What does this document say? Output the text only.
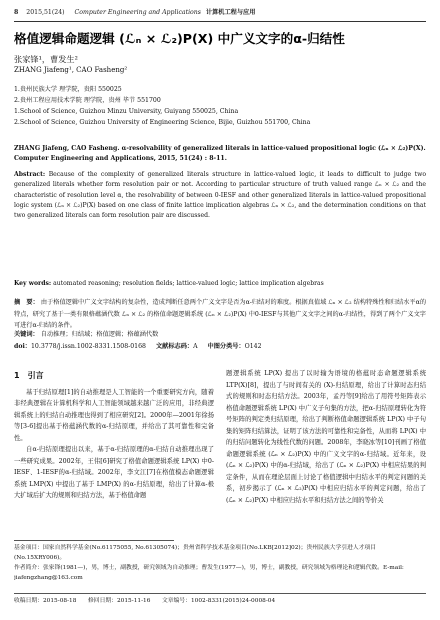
8 2015,51(24) Computer Engineering and Applications 计算机工程与应用
格值逻辑命题逻辑 (ℒₙ × ℒ₂)P(X) 中广义文字的α-归结性
张家锋¹，曹发生²
ZHANG Jiafeng¹, CAO Fasheng²
1.贵州民族大学 理学院，贵阳 550025
2.贵州工程应用技术学院 理学院，贵州 毕节 551700
1.School of Science, Guizhou Minzu University, Guiyang 550025, China
2.School of Science, Guizhou University of Engineering Science, Bijie, Guizhou 551700, China
ZHANG Jiafeng, CAO Fasheng. α-resolvability of generalized literals in lattice-valued propositional logic (ℒₙ × ℒ₂)P(X). Computer Engineering and Applications, 2015, 51(24) : 8-11.
Abstract: Because of the complexity of generalized literals structure in lattice-valued logic, it leads to difficult to judge two generalized literals whether form resolution pair or not. According to particular structure of truth valued range ℒₙ × ℒ₂ and the characteristic of resolution level α, the resolvability of between 0-IESF and other generalized literals in lattice-valued propositional logic system (ℒₙ × ℒ₂)P(X) based on one class of finite lattice implication algebras ℒₙ × ℒ₂, and the determination conditions on that two generalized literals can form resolution pair are discussed.
Key words: automated reasoning; resolution fields; lattice-valued logic; lattice implication algebras
摘　要： 由于格值逻辑中广义文字结构的复杂性，造成判断任意两个广义文字是否为α-归结对的难度。根据真值域 ℒₙ × ℒ₂ 结构特殊性和归结水平α的特点，研究了基于一类有限格蕴涵代数 ℒₙ × ℒ₂ 的格值命题逻辑系统 (ℒₙ × ℒ₂)P(X) 中0-IESF与其他广义文字之间的α-归结性，得到了两个广义文字可进行α-归结的条件。
关键词： 自动推理；归结域；格值逻辑；格蕴涵代数
doi：10.3778/j.issn.1002-8331.1508-0168 文献标志码：A 中图分类号：O142
1　引言

基于归结原理[1]的自动推理是人工智能的一个重要研究方向，随着非经典逻辑在计算机科学和人工智能领域越来越广泛的应用，非经典逻辑系统上的归结自动推理也得到了相应研究[2]。2000年—2001年徐扬等[3-6]提出基于格蕴涵代数的α-归结原理，并给出了其可靠性和完备性。

自α-归结原理提出以来，基于α-归结原理的α-归结自动推理出现了一些研究成果。2002年，王伟[6]研究了格值命题逻辑系统 LP(X) 中0-IESF、1-IESF的α-归结域。2002年，李文江[7]在格值模态命题逻辑系统 LMP(X) 中提出了基于 LMP(X) 的α-归结原理，给出了计算α-极大扩域后扩大的规则和归结方法，基于格值命题

题逻辑系统 LP(X) 提出了以时输为语境的格蕴时态命题逻辑系统 LTP(X)[8]，提出了与时间有关的 (X)-归结原理，给出了计算时态归结式的规则和时态归结方法。2003年，孟丹等[9]给出了用符号矩阵表示格值命题逻辑系统 LP(X) 中广义子句集的方法，把α-归结原理转化为符号矩阵的判定类归结原理，给出了判断格值命题逻辑系统 LP(X) 中子句集的矩阵归结算法，证明了该方法的可靠性和完备性，从而将 LP(X) 中的归结问题转化为线性代数的问题。2008年，李晓冰等[10]刊画了格值命题逻辑系统 (ℒₙ × ℒ₂)P(X) 中的广义文字的α-归结域。近年来，设 (ℒₙ × ℒ₂)P(X) 中的α-归结域，给出了 (ℒₙ × ℒ₂)P(X) 中相应结果的判定条件，从而在理论层面上讨论了格值逻辑中归结水平的判定问题的关系，初步揭示了 (ℒₙ × ℒ₂)P(X) 中相应归结水平的判定问题，给出了 (ℒₙ × ℒ₂)P(X) 中相应归结水平和归结方法之间的等价关

基金项目：国家自然科学基金(No.61175055, No.61305074)；贵州省科学技术基金项目(No.LKB[2012]02)；贵州民族大学引进人才项目(No.15XRY006)。
作者简介：张家锋(1981—)，男，博士，副教授，研究领域为自动推理；曹发生(1977—)，男，博士，副教授，研究领域为格理论和逻辑代数。E-mail: jiafengzhang@163.com
收稿日期：2015-08-18　　修回日期：2015-11-16　　文章编号：1002-8331(2015)24-0008-04
